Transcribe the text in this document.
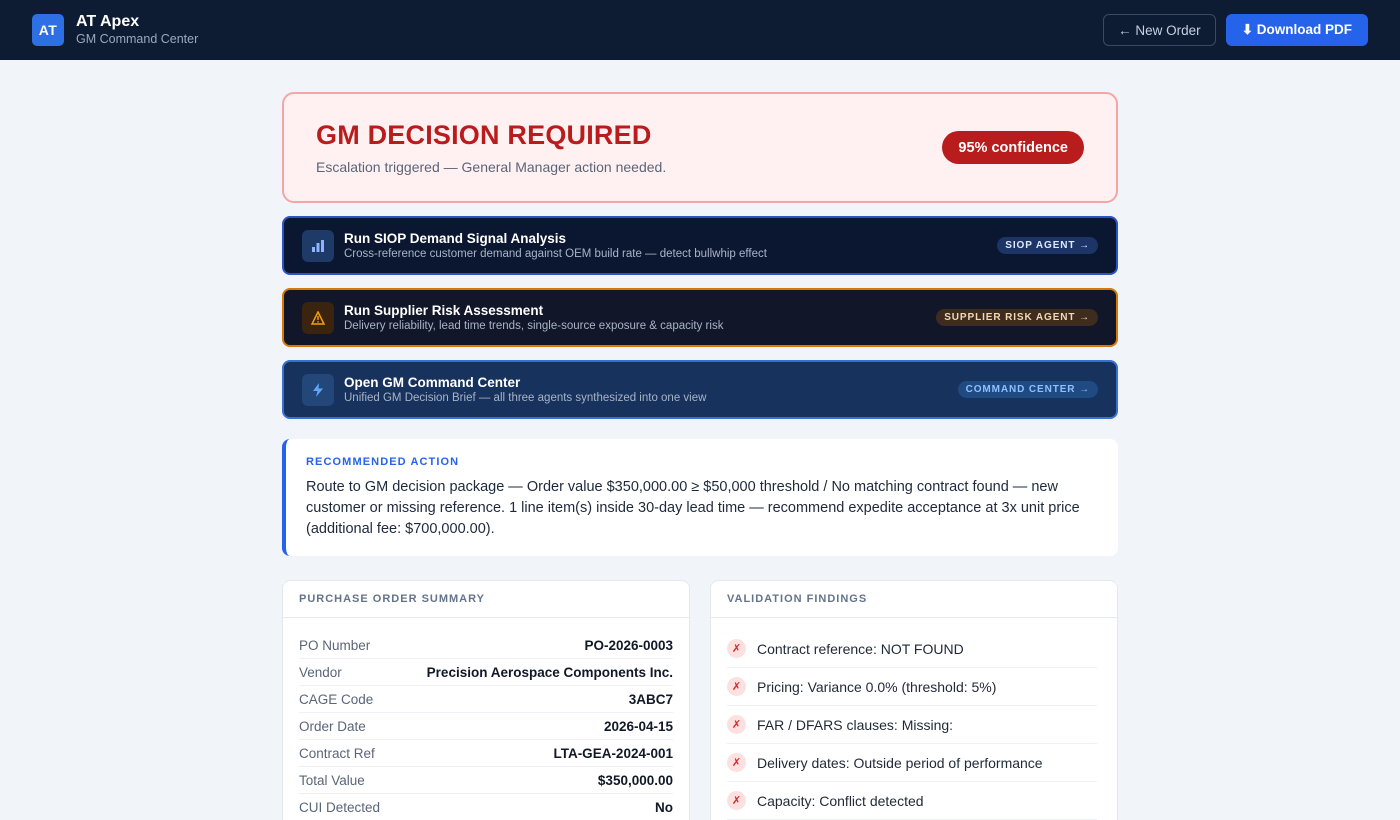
AT	AT Apex
GM Command Center
← New Order	⬇ Download PDF
GM DECISION REQUIRED
Escalation triggered — General Manager action needed.
95% confidence
Run SIOP Demand Signal Analysis
Cross-reference customer demand against OEM build rate — detect bullwhip effect
SIOP AGENT →
Run Supplier Risk Assessment
Delivery reliability, lead time trends, single-source exposure & capacity risk
SUPPLIER RISK AGENT →
Open GM Command Center
Unified GM Decision Brief — all three agents synthesized into one view
COMMAND CENTER →
RECOMMENDED ACTION
Route to GM decision package — Order value $350,000.00 ≥ $50,000 threshold / No matching contract found — new customer or missing reference. 1 line item(s) inside 30-day lead time — recommend expedite acceptance at 3x unit price (additional fee: $700,000.00).
PURCHASE ORDER SUMMARY
PO Number	PO-2026-0003
Vendor	Precision Aerospace Components Inc.
CAGE Code	3ABC7
Order Date	2026-04-15
Contract Ref	LTA-GEA-2024-001
Total Value	$350,000.00
CUI Detected	No
VALIDATION FINDINGS
✗	Contract reference: NOT FOUND
✗	Pricing: Variance 0.0% (threshold: 5%)
✗	FAR / DFARS clauses: Missing:
✗	Delivery dates: Outside period of performance
✗	Capacity: Conflict detected
